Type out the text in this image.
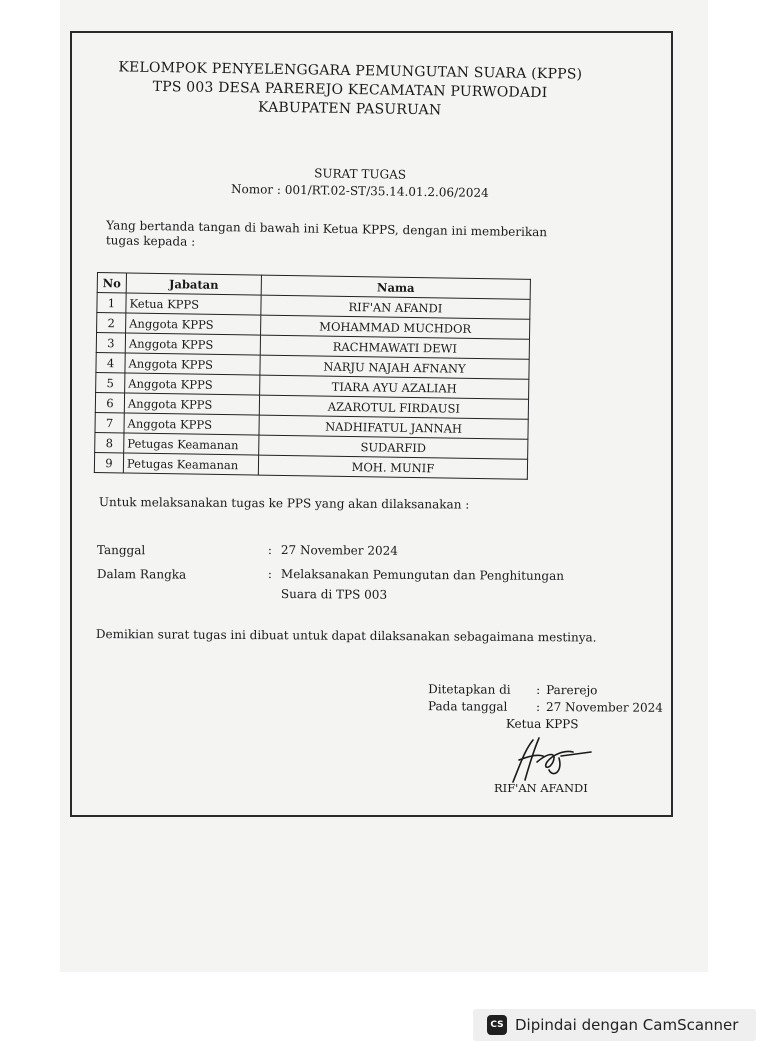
KELOMPOK PENYELENGGARA PEMUNGUTAN SUARA (KPPS)
TPS 003 DESA PAREREJO KECAMATAN PURWODADI
KABUPATEN PASURUAN
SURAT TUGAS
Nomor : 001/RT.02-ST/35.14.01.2.06/2024
Yang bertanda tangan di bawah ini Ketua KPPS, dengan ini memberikan tugas kepada :
No	Jabatan	Nama
1	Ketua KPPS	RIF'AN AFANDI
2	Anggota KPPS	MOHAMMAD MUCHDOR
3	Anggota KPPS	RACHMAWATI DEWI
4	Anggota KPPS	NARJU NAJAH AFNANY
5	Anggota KPPS	TIARA AYU AZALIAH
6	Anggota KPPS	AZAROTUL FIRDAUSI
7	Anggota KPPS	NADHIFATUL JANNAH
8	Petugas Keamanan	SUDARFID
9	Petugas Keamanan	MOH. MUNIF
Untuk melaksanakan tugas ke PPS yang akan dilaksanakan :
Tanggal	: 27 November 2024
Dalam Rangka	: Melaksanakan Pemungutan dan Penghitungan
Suara di TPS 003
Demikian surat tugas ini dibuat untuk dapat dilaksanakan sebagaimana mestinya.
Ditetapkan di	: Parerejo
Pada tanggal	: 27 November 2024
Ketua KPPS
RIF'AN AFANDI
CS Dipindai dengan CamScanner
